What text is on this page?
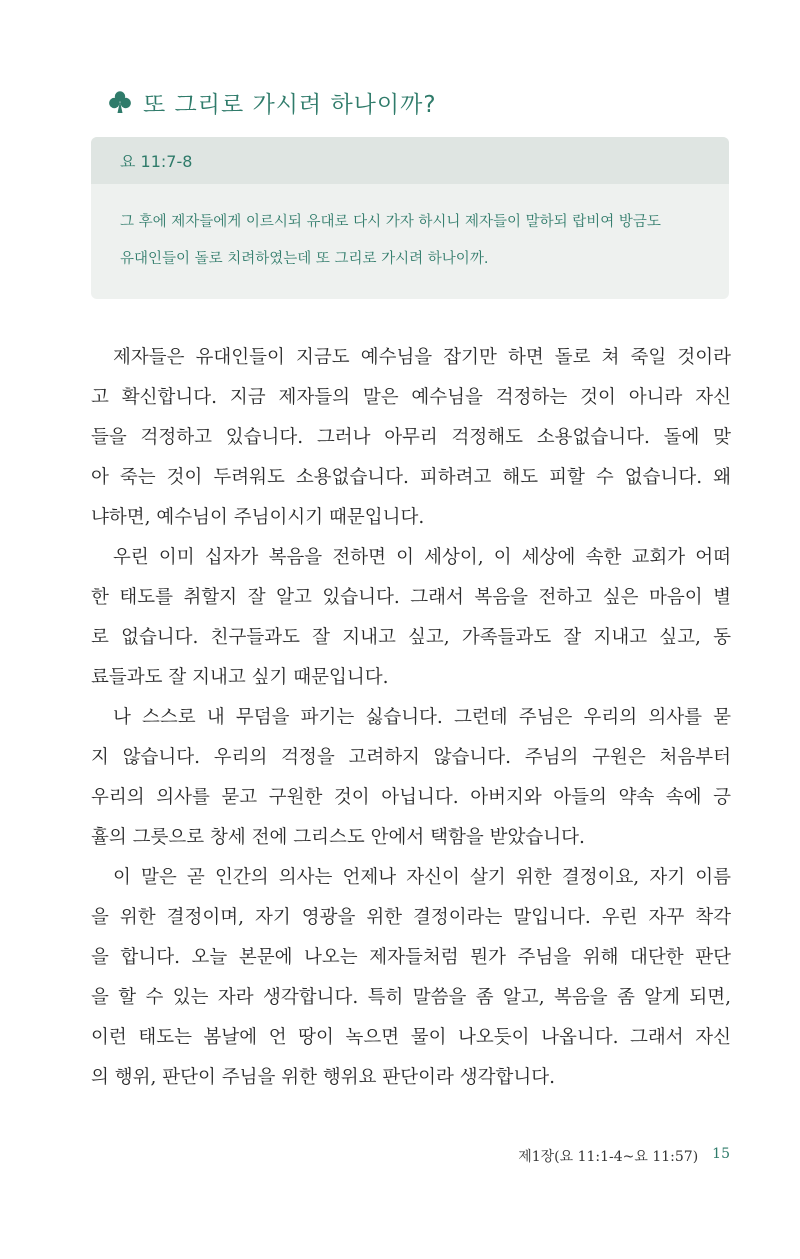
또 그리로 가시려 하나이까?
요 11:7-8
그 후에 제자들에게 이르시되 유대로 다시 가자 하시니 제자들이 말하되 랍비여 방금도
유대인들이 돌로 치려하였는데 또 그리로 가시려 하나이까.
제자들은 유대인들이 지금도 예수님을 잡기만 하면 돌로 쳐 죽일 것이라
고 확신합니다. 지금 제자들의 말은 예수님을 걱정하는 것이 아니라 자신
들을 걱정하고 있습니다. 그러나 아무리 걱정해도 소용없습니다. 돌에 맞
아 죽는 것이 두려워도 소용없습니다. 피하려고 해도 피할 수 없습니다. 왜
냐하면, 예수님이 주님이시기 때문입니다.
우린 이미 십자가 복음을 전하면 이 세상이, 이 세상에 속한 교회가 어떠
한 태도를 취할지 잘 알고 있습니다. 그래서 복음을 전하고 싶은 마음이 별
로 없습니다. 친구들과도 잘 지내고 싶고, 가족들과도 잘 지내고 싶고, 동
료들과도 잘 지내고 싶기 때문입니다.
나 스스로 내 무덤을 파기는 싫습니다. 그런데 주님은 우리의 의사를 묻
지 않습니다. 우리의 걱정을 고려하지 않습니다. 주님의 구원은 처음부터
우리의 의사를 묻고 구원한 것이 아닙니다. 아버지와 아들의 약속 속에 긍
휼의 그릇으로 창세 전에 그리스도 안에서 택함을 받았습니다.
이 말은 곧 인간의 의사는 언제나 자신이 살기 위한 결정이요, 자기 이름
을 위한 결정이며, 자기 영광을 위한 결정이라는 말입니다. 우린 자꾸 착각
을 합니다. 오늘 본문에 나오는 제자들처럼 뭔가 주님을 위해 대단한 판단
을 할 수 있는 자라 생각합니다. 특히 말씀을 좀 알고, 복음을 좀 알게 되면,
이런 태도는 봄날에 언 땅이 녹으면 물이 나오듯이 나옵니다. 그래서 자신
의 행위, 판단이 주님을 위한 행위요 판단이라 생각합니다.
제1장(요 11:1-4~요 11:57) 15
